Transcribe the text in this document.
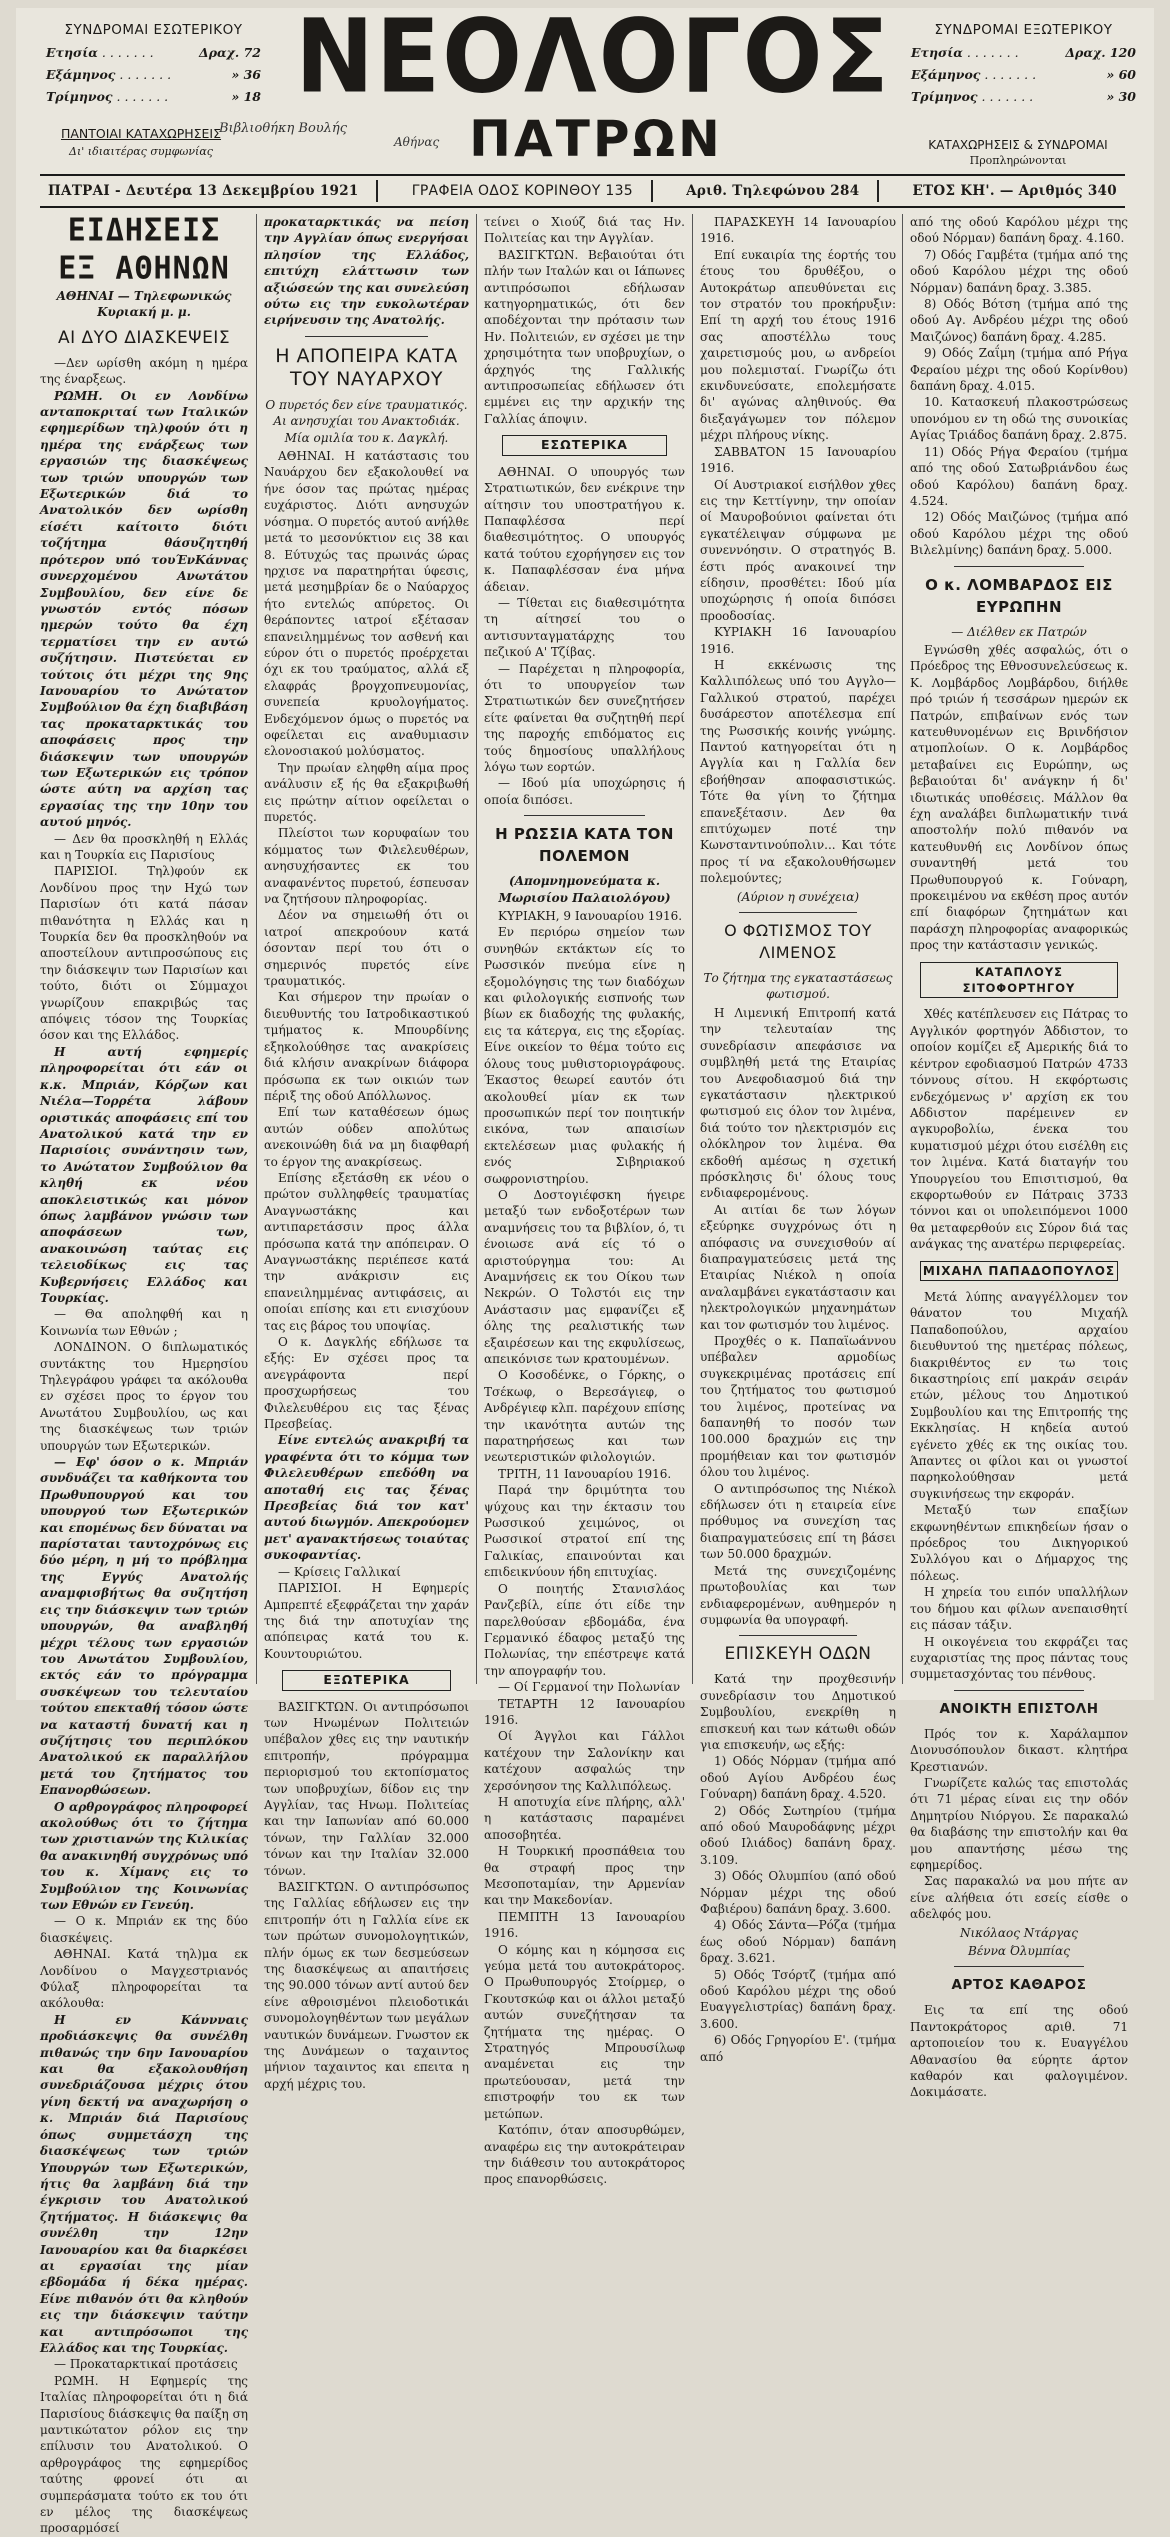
ΣΥΝΔΡΟΜΑΙ ΕΣΩΤΕΡΙΚΟΥ
Ετησία . . .	Δραχ. 72
Εξάμηνος . . .	» 36
Τρίμηνος . . .	» 18
ΠΑΝΤΟΙΑΙ ΚΑΤΑΧΩΡΗΣΕΙΣ
Δι' ιδιαιτέρας συμφωνίας
ΝΕΟΛΟΓΟΣ
ΠΑΤΡΩΝ
Βιβλιοθήκη Βουλής
Αθήνας
ΣΥΝΔΡΟΜΑΙ ΕΞΩΤΕΡΙΚΟΥ
Ετησία . . .	Δραχ. 120
Εξάμηνος . . .	» 60
Τρίμηνος . . .	» 30
ΚΑΤΑΧΩΡΗΣΕΙΣ & ΣΥΝΔΡΟΜΑΙ
Προπληρώνονται
ΠΑΤΡΑΙ - Δευτέρα 13 Δεκεμβρίου 1921	ΓΡΑΦΕΙΑ ΟΔΟΣ ΚΟΡΙΝΘΟΥ 135	Αριθ. Τηλεφώνου 284	ΕΤΟΣ ΚΗ'. — Αριθμός 340
ΕΙΔΗΣΕΙΣ ΕΞ ΑΘΗΝΩΝ
ΑΘΗΝΑΙ — Τηλεφωνικώς Κυριακή μ. μ.
ΑΙ ΔΥΟ ΔΙΑΣΚΕΨΕΙΣ

—Δεν ωρίσθη ακόμη η ημέρα της έναρξεως.

ΡΩΜΗ. Οι εν Λονδίνω ανταποκριταί των Ιταλικών εφημερίδων τηλ)φούν ότι η ημέρα της ενάρξεως των εργασιών της διασκέψεως των τριών υπουργών των Εξωτερικών διά το Ανατολικόν δεν ωρίσθη είσέτι καίτοιτο διότι τοζήτημα θάσυζητηθή πρότερον υπό τουΈνΚάννας συνερχομένου Ανωτάτου Συμβουλίου, δεν είνε δε γνωστόν εντός πόσων ημερών τούτο θα έχη τερματίσει την εν αυτώ συζήτησιν. Πιστεύεται εν τούτοις ότι μέχρι της 9ης Ιανουαρίου το Ανώτατον Συμβούλιον θα έχη διαβιβάση τας προκαταρκτικάς του αποφάσεις προς την διάσκεψιν των υπουργών των Εξωτερικών εις τρόπον ώστε αύτη να αρχίση τας εργασίας της την 10ην του αυτού μηνός.

— Δεν θα προσκληθή η Ελλάς και η Τουρκία εις Παρισίους

ΠΑΡΙΣΙΟΙ. Τηλ)φούν εκ Λονδίνου προς την Ηχώ των Παρισίων ότι κατά πάσαν πιθανότητα η Ελλάς και η Τουρκία δεν θα προσκληθούν να αποστείλουν αντιπροσώπους εις την διάσκεψιν των Παρισίων και τούτο, διότι οι Σύμμαχοι γνωρίζουν επακριβώς τας απόψεις τόσον της Τουρκίας όσον και της Ελλάδος.

Η αυτή εφημερίς πληροφορείται ότι εάν οι κ.κ. Μπριάν, Κόρζων και Νιέλα—Τορρέτα λάβουν οριστικάς αποφάσεις επί του Ανατολικού κατά την εν Παρισίοις συνάντησιν των, το Ανώτατον Συμβούλιον θα κληθή εκ νέου αποκλειστικώς και μόνον όπως λαμβάνον γνώσιν των αποφάσεων των, ανακοινώση ταύτας εις τελειοδίκως εις τας Κυβερνήσεις Ελλάδος και Τουρκίας.

— Θα αποληφθή και η Κοινωνία των Εθνών ;

ΛΟΝΔΙΝΟΝ. Ο διπλωματικός συντάκτης του Ημερησίου Τηλεγράφου γράφει τα ακόλουθα εν σχέσει προς το έργον του Ανωτάτου Συμβουλίου, ως και της διασκέψεως των τριών υπουργών των Εξωτερικών.

— Εφ' όσον ο κ. Μπριάν συνδυάζει τα καθήκοντα του Πρωθυπουργού και του υπουργού των Εξωτερικών και επομένως δεν δύναται να παρίσταται ταυτοχρόνως εις δύο μέρη, η μή το πρόβλημα της Εγγύς Ανατολής αναμφισβήτως θα συζητήση εις την διάσκεψιν των τριών υπουργών, θα αναβληθή μέχρι τέλους των εργασιών του Ανωτάτου Συμβουλίου, εκτός εάν το πρόγραμμα συσκέψεων του τελευταίου τούτου επεκταθή τόσον ώστε να καταστή δυνατή και η συζήτησις του περιπλόκου Ανατολικού εκ παραλλήλου μετά του ζητήματος του Επανορθώσεων.

Ο αρθρογράφος πληροφορεί ακολούθως ότι το ζήτημα των χριστιανών της Κιλικίας θα ανακινηθή συγχρόνως υπό του κ. Χίμανς εις το Συμβούλιον της Κοινωνίας των Εθνών εν Γενεύη.

— Ο κ. Μπριάν εκ της δύο διασκέψεις.

ΑΘΗΝΑΙ. Κατά τηλ)μα εκ Λονδίνου ο Μαγχεστριανός Φύλαξ πληροφορείται τα ακόλουθα:

Η εν Κάννναις προδιάσκεψις θα συνέλθη πιθανώς την 6ην Ιανουαρίου και θα εξακολουθήση συνεδριάζουσα μέχρις ότου γίνη δεκτή να αναχωρήση ο κ. Μπριάν διά Παρισίους όπως συμμετάσχη της διασκέψεως των τριών Υπουργών των Εξωτερικών, ήτις θα λαμβάνη διά την έγκρισιν του Ανατολικού ζητήματος. Η διάσκεψις θα συνέλθη την 12ην Ιανουαρίου και θα διαρκέσει αι εργασίαι της μίαν εβδομάδα ή δέκα ημέρας. Είνε πιθανόν ότι θα κληθούν εις την διάσκεψιν ταύτην και αντιπρόσωποι της Ελλάδος και της Τουρκίας.

— Προκαταρκτικαί προτάσεις

ΡΩΜΗ. Η Εφημερίς της Ιταλίας πληροφορείται ότι η διά Παρισίους διάσκεψις θα παίξη ση μαντικώτατον ρόλον εις την επίλυσιν του Ανατολικού. Ο αρθρογράφος της εφημερίδος ταύτης φρονεί ότι αι συμπεράσματα τούτο εκ του ότι εν μέλος της διασκέψεως προσαρμόσεί

προκαταρκτικάς να πείση την Αγγλίαν όπως ενεργήσαι πλησίον της Ελλάδος, επιτύχη ελάττωσιν των αξιώσεών της και συνελεύση ούτω εις την ευκολωτέραν ειρήνευσιν της Ανατολής.

Η ΑΠΟΠΕΙΡΑ ΚΑΤΑ ΤΟΥ ΝΑΥΑΡΧΟΥ
Ο πυρετός δεν είνε τραυματικός. Αι ανησυχίαι του Ανακτοδιάκ. Μία ομιλία του κ. Δαγκλή.

ΑΘΗΝΑΙ. Η κατάστασις του Ναυάρχου δεν εξακολουθεί να ήνε όσον τας πρώτας ημέρας ευχάριστος. Διότι ανησυχών νόσημα. Ο πυρετός αυτού ανήλθε μετά το μεσονύκτιον εις 38 και 8. Εύτυχώς τας πρωινάς ώρας ηρχισε να παρατηρήται ύφεσις, μετά μεσημβρίαν δε ο Ναύαρχος ήτο εντελώς απύρετος. Οι θεράποντες ιατροί εξέτασαν επανειλημμένως τον ασθενή και εύρον ότι ο πυρετός προέρχεται όχι εκ του τραύματος, αλλά εξ ελαφράς βρογχοπνευμονίας, συνεπεία κρυολογήματος. Ενδεχόμενον όμως ο πυρετός να οφείλεται εις αναθυμιασιν ελονοσιακού μολύσματος.

Την πρωίαν εληφθη αίμα προς ανάλυσιν εξ ής θα εξακριβωθή εις πρώτην αίτιον οφείλεται ο πυρετός.

Πλείστοι των κορυφαίων του κόμματος των Φιλελευθέρων, ανησυχήσαντες εκ του αναφανέντος πυρετού, έσπευσαν να ζητήσουν πληροφορίας.

Δέον να σημειωθή ότι οι ιατροί απεκρούουν κατά όσονταν περί του ότι ο σημερινός πυρετός είνε τραυματικός.

Και σήμερον την πρωίαν ο διευθυντής του Ιατροδικαστικού τμήματος κ. Μπουρδίνης εξηκολούθησε τας ανακρίσεις διά κλήσιν ανακρίνων διάφορα πρόσωπα εκ των οικιών των πέριξ της οδού Απόλλωνος.

Επί των καταθέσεων όμως αυτών ούδεν απολύτως ανεκοινώθη διά να μη διαφθαρή το έργον της ανακρίσεως.

Επίσης εξετάσθη εκ νέου ο πρώτον συλληφθείς τραυματίας Αναγνωστάκης και αντιπαρετάσσιν προς άλλα πρόσωπα κατά την απόπειραν. Ο Αναγνωστάκης περιέπεσε κατά την ανάκρισιν εις επανειλημμένας αντιφάσεις, αι οποίαι επίσης και ετι ενισχύουν τας εις βάρος του υποψίας.

Ο κ. Δαγκλής εδήλωσε τα εξής: Εν σχέσει προς τα ανεγράφοντα περί προσχωρήσεως του Φιλελευθέρου εις τας ξένας Πρεσβείας.

Είνε εντελώς ανακριβή τα γραφέντα ότι το κόμμα των Φιλελευθέρων επεδόθη να αποταθή εις τας ξένας Πρεσβείας διά τον κατ' αυτού διωγμόν. Απεκρούομεν μετ' αγανακτήσεως τοιαύτας συκοφαντίας.

— Κρίσεις Γαλλικαί

ΠΑΡΙΣΙΟΙ. Η Εφημερίς Αμπρεπτέ εξεφράζεται την χαράν της διά την αποτυχίαν της απόπειρας κατά του κ. Κουντουριώτου.

ΕΞΩΤΕΡΙΚΑ

ΒΑΣΙΓΚΤΩΝ. Οι αντιπρόσωποι των Ηνωμένων Πολιτειών υπέβαλον χθες εις την ναυτικήν επιτροπήν, πρόγραμμα περιορισμού του εκτοπίσματος των υποβρυχίων, δίδον εις την Αγγλίαν, τας Ηνωμ. Πολιτείας και την Ιαπωνίαν από 60.000 τόνων, την Γαλλίαν 32.000 τόνων και την Ιταλίαν 32.000 τόνων.

ΒΑΣΙΓΚΤΩΝ. Ο αντιπρόσωπος της Γαλλίας εδήλωσεν εις την επιτροπήν ότι η Γαλλία είνε εκ των πρώτων συνομολογητικών, πλήν όμως εκ των δεσμεύσεων της διασκέψεως αι απαιτήσεις της 90.000 τόνων αντί αυτού δεν είνε αθροισμένοι πλειοδοτικάι συνομολογηθέντων των μεγάλων ναυτικών δυνάμεων. Γνωστον εκ της Δυνάμεων ο ταχαιντος μήνιον ταχαιντος και επειτα η αρχή μέχρις του.

τείνει ο Χιούζ διά τας Ην. Πολιτείας και την Αγγλίαν.

ΒΑΣΙΓΚΤΩΝ. Βεβαιούται ότι πλήν των Ιταλών και οι Ιάπωνες αντιπρόσωποι εδήλωσαν κατηγορηματικώς, ότι δεν αποδέχονται την πρότασιν των Ην. Πολιτειών, εν σχέσει με την χρησιμότητα των υποβρυχίων, ο άρχηγός της Γαλλικής αντιπροσωπείας εδήλωσεν ότι εμμένει εις την αρχικήν της Γαλλίας άποψιν.

ΕΣΩΤΕΡΙΚΑ

ΑΘΗΝΑΙ. Ο υπουργός των Στρατιωτικών, δεν ενέκρινε την αίτησιν του υποστρατήγου κ. Παπαφλέσσα περί διαθεσιμότητος. Ο υπουργός κατά τούτου εχορήγησεν εις τον κ. Παπαφλέσσαν ένα μήνα άδειαν.

— Τίθεται εις διαθεσιμότητα τη αίτησεί του ο αντισυνταγματάρχης του πεζικού Α' Τζίβας.

— Παρέχεται η πληροφορία, ότι το υπουργείον των Στρατιωτικών δεν συνεζητήσεν είτε φαίνεται θα συζητηθή περί της παροχής επιδόματος εις τούς δημοσίους υπαλλήλους λόγω των εορτών.

— Ιδού μία υποχώρησις ή οποία διπόσει.

Η ΡΩΣΣΙΑ ΚΑΤΑ ΤΟΝ ΠΟΛΕΜΟΝ
(Απομνημονεύματα κ. Μωρισίου Παλαιολόγου)

ΚΥΡΙΑΚΗ, 9 Ιανουαρίου 1916.

Εν περιόρω σημείον των συνηθών εκτάκτων είς το Ρωσσικόν πνεύμα είνε η εξομολόγησις της των διαδόχων και φιλολογικής εισπνοής των βίων εκ διαδοχής της φυλακής, εις τα κάτεργα, εις της εξορίας. Είνε οικείον το θέμα τούτο εις όλους τους μυθιστοριογράφους. Έκαστος θεωρεί εαυτόν ότι ακολουθεί μίαν εκ των προσωπικών περί τον ποιητικήν εικόνα, των απαισίων εκτελέσεων μιας φυλακής ή ενός Σιβηριακού σωφρονιστηρίου.

Ο Δοστογιέφσκη ήγειρε μεταξύ των ενδοξοτέρων των αναμνήσεις του τα βιβλίον, ό, τι ένοιωσε ανά είς τό ο αριστούργημα του: Αι Αναμνήσεις εκ του Οίκου των Νεκρών. Ο Τολστόι εις την Ανάστασιν μας εμφανίζει εξ όλης της ρεαλιστικής των εξαιρέσεων και της εκφυλίσεως, απεικόνισε των κρατουμένων.

Ο Κοσοδένκε, ο Γόρκης, ο Τσέκωφ, ο Βερεσάγιεφ, ο Ανδρέγιεφ κλπ. παρέχουν επίσης την ικανότητα αυτών της παρατηρήσεως και των νεωτεριστικών φιλολογιών.

ΤΡΙΤΗ, 11 Ιανουαρίου 1916.

Παρά την δριμύτητα του ψύχους και την έκτασιν του Ρωσσικού χειμώνος, οι Ρωσσικοί στρατοί επί της Γαλικίας, επαινούνται και επιδεικνύουν ήδη επιτυχίας.

Ο ποιητής Στανισλάος Ρανζεβίλ, είπε ότι είδε την παρελθούσαν εβδομάδα, ένα Γερμανικό έδαφος μεταξύ της Πολωνίας, την επέστρεψε κατά την απογραφήν του.

— Οί Γερμανοί την Πολωνίαν

ΤΕΤΑΡΤΗ 12 Ιανουαρίου 1916.

Οί Άγγλοι και Γάλλοι κατέχουν την Σαλονίκην και κατέχουν ασφαλώς την χερσόνησον της Καλλιπόλεως.

Η αποτυχία είνε πλήρης, αλλ' η κατάστασις παραμένει αποσοβητέα.

Η Τουρκική προσπάθεια του θα στραφή προς την Μεσοποταμίαν, την Αρμενίαν και την Μακεδονίαν.

ΠΕΜΠΤΗ 13 Ιανουαρίου 1916.

Ο κόμης και η κόμησσα εις γεύμα μετά του αυτοκράτορος. Ο Πρωθυπουργός Στοίρμερ, ο Γκουτσκώφ και οι άλλοι μεταξύ αυτών συνεζήτησαν τα ζητήματα της ημέρας. Ο Στρατηγός Μπρουσίλωφ αναμένεται εις την πρωτεύουσαν, μετά την επιστροφήν του εκ των μετώπων.

Κατόπιν, όταν αποσυρθώμεν, αναφέρω εις την αυτοκράτειραν την διάθεσιν του αυτοκράτορος προς επανορθώσεις.

ΠΑΡΑΣΚΕΥΗ 14 Ιανουαρίου 1916.

Επί ευκαιρία της έορτής του έτους του δρυθέξου, ο Αυτοκράτωρ απευθύνεται εις τον στρατόν του προκήρυξιν: Επί τη αρχή του έτους 1916 σας αποστέλλω τους χαιρετισμούς μου, ω ανδρείοι μου πολεμισταί. Γνωρίζω ότι εκινδυνεύσατε, επολεμήσατε δι' αγώνας αληθινούς. Θα διεξαγάγωμεν τον πόλεμον μέχρι πλήρους νίκης.

ΣΑΒΒΑΤΟΝ 15 Ιανουαρίου 1916.

Οί Αυστριακοί εισήλθον χθες εις την Κεττίγνην, την οποίαν οί Μαυροβούνιοι φαίνεται ότι εγκατέλειψαν σύμφωνα με συνεννόησιν. Ο στρατηγός Β. έστι πρός ανακοινεί την είδησιν, προσθέτει: Ιδού μία υποχώρησις ή οποία διπόσει προοδοσίας.

ΚΥΡΙΑΚΗ 16 Ιανουαρίου 1916.

Η εκκένωσις της Καλλιπόλεως υπό του Αγγλο—Γαλλικού στρατού, παρέχει δυσάρεστον αποτέλεσμα επί της Ρωσσικής κοινής γνώμης. Παντού κατηγορείται ότι η Αγγλία και η Γαλλία δεν εβοήθησαν αποφασιστικώς. Τότε θα γίνη το ζήτημα επανεξέτασιν. Δεν θα επιτύχωμεν ποτέ την Κωνσταντινούπολιν... Και τότε προς τί να εξακολουθήσωμεν πολεμούντες;

(Αύριον η συνέχεια)
Ο ΦΩΤΙΣΜΟΣ ΤΟΥ ΛΙΜΕΝΟΣ
Το ζήτημα της εγκαταστάσεως φωτισμού.

Η Λιμενική Επιτροπή κατά την τελευταίαν της συνεδρίασιν απεφάσισε να συμβληθή μετά της Εταιρίας του Ανεφοδιασμού διά την εγκατάστασιν ηλεκτρικού φωτισμού εις όλον τον λιμένα, διά τούτο τον ηλεκτρισμόν εις ολόκληρον τον λιμένα. Θα εκδοθή αμέσως η σχετική πρόσκλησις δι' όλους τους ενδιαφερομένους.

Αι αιτίαι δε των λόγων εξεύρηκε συγχρόνως ότι η απόφασις να συνεχισθούν αί διαπραγματεύσεις μετά της Εταιρίας Νιέκολ η οποία αναλαμβάνει εγκατάστασιν και ηλεκτρολογικών μηχανημάτων και τον φωτισμόν του λιμένος.

Προχθές ο κ. Παπαϊωάννου υπέβαλεν αρμοδίως συγκεκριμένας προτάσεις επί του ζητήματος του φωτισμού του λιμένος, προτείνας να δαπανηθή το ποσόν των 100.000 δραχμών εις την προμήθειαν και τον φωτισμόν όλου του λιμένος.

Ο αντιπρόσωπος της Νιέκολ εδήλωσεν ότι η εταιρεία είνε πρόθυμος να συνεχίση τας διαπραγματεύσεις επί τη βάσει των 50.000 δραχμών.

Μετά της συνεχιζομένης πρωτοβουλίας και των ενδιαφερομένων, αυθημερόν η συμφωνία θα υπογραφή.

ΕΠΙΣΚΕΥΗ ΟΔΩΝ

Κατά την προχθεσινήν συνεδρίασιν του Δημοτικού Συμβουλίου, ενεκρίθη η επισκευή και των κάτωθι οδών για επισκευήν, ως εξής:

1) Οδός Νόρμαν (τμήμα από οδού Αγίου Ανδρέου έως Γούναρη) δαπάνη δραχ. 4.520.

2) Οδός Σωτηρίου (τμήμα από οδού Μαυροδάφνης μέχρι οδού Ιλιάδος) δαπάνη δραχ. 3.109.

3) Οδός Ολυμπίου (από οδού Νόρμαν μέχρι της οδού Φαβιέρου) δαπάνη δραχ. 3.600.

4) Οδός Σάντα—Ρόζα (τμήμα έως οδού Νόρμαν) δαπάνη δραχ. 3.621.

5) Οδός Τσόρτζ (τμήμα από οδού Καρόλου μέχρι της οδού Ευαγγελιστρίας) δαπάνη δραχ. 3.600.

6) Οδός Γρηγορίου Ε'. (τμήμα από

από της οδού Καρόλου μέχρι της οδού Νόρμαν) δαπάνη δραχ. 4.160.

7) Οδός Γαμβέτα (τμήμα από της οδού Καρόλου μέχρι της οδού Νόρμαν) δαπάνη δραχ. 3.385.

8) Οδός Βότση (τμήμα από της οδού Αγ. Ανδρέου μέχρι της οδού Μαιζώνος) δαπάνη δραχ. 4.285.

9) Οδός Ζαΐμη (τμήμα από Ρήγα Φεραίου μέχρι της οδού Κορίνθου) δαπάνη δραχ. 4.015.

10. Κατασκευή πλακοστρώσεως υπονόμου εν τη οδώ της συνοικίας Αγίας Τριάδος δαπάνη δραχ. 2.875.

11) Οδός Ρήγα Φεραίου (τμήμα από της οδού Σατωβριάνδου έως οδού Καρόλου) δαπάνη δραχ. 4.524.

12) Οδός Μαιζώνος (τμήμα από οδού Καρόλου μέχρι της οδού Βιλελμίνης) δαπάνη δραχ. 5.000.

Ο κ. ΛΟΜΒΑΡΔΟΣ ΕΙΣ ΕΥΡΩΠΗΝ
— Διέλθεν εκ Πατρών

Εγνώσθη χθές ασφαλώς, ότι ο Πρόεδρος της Εθνοσυνελεύσεως κ. Κ. Λομβάρδος Λομβάρδου, διήλθε πρό τριών ή τεσσάρων ημερών εκ Πατρών, επιβαίνων ενός των κατευθυνομένων εις Βρινδήσιον ατμοπλοίων. Ο κ. Λομβάρδος μεταβαίνει εις Ευρώπην, ως βεβαιούται δι' ανάγκην ή δι' ιδιωτικάς υποθέσεις. Μάλλον θα έχη αναλάβει διπλωματικήν τινά αποστολήν πολύ πιθανόν να κατευθυνθή εις Λονδίνον όπως συναντηθή μετά του Πρωθυπουργού κ. Γούναρη, προκειμένου να εκθέση προς αυτόν επί διαφόρων ζητημάτων και παράσχη πληροφορίας αναφορικώς προς την κατάστασιν γενικώς.

ΚΑΤΑΠΛΟΥΣ ΣΙΤΟΦΟΡΤΗΓΟΥ

Χθές κατέπλευσεν εις Πάτρας το Αγγλικόν φορτηγόν Άδδιστον, το οποίον κομίζει εξ Αμερικής διά το κέντρον εφοδιασμού Πατρών 4733 τόννους σίτου. Η εκφόρτωσις ενδεχόμενως ν' αρχίση εκ του Αδδιστον παρέμεινεν εν αγκυροβολίω, ένεκα του κυματισμού μέχρι ότου εισέλθη εις τον λιμένα. Κατά διαταγήν του Υπουργείου του Επισιτισμού, θα εκφορτωθούν εν Πάτραις 3733 τόννοι και οι υπολειπόμενοι 1000 θα μεταφερθούν εις Σύρον διά τας ανάγκας της ανατέρω περιφερείας.

ΜΙΧΑΗΛ ΠΑΠΑΔΟΠΟΥΛΟΣ

Μετά λύπης αναγγέλλομεν τον θάνατον του Μιχαήλ Παπαδοπούλου, αρχαίου διευθυντού της ημετέρας πόλεως, διακριθέντος εν τω τοις δικαστηρίοις επί μακράν σειράν ετών, μέλους του Δημοτικού Συμβουλίου και της Επιτροπής της Εκκλησίας. Η κηδεία αυτού εγένετο χθές εκ της οικίας του. Άπαντες οι φίλοι και οι γνωστοί παρηκολούθησαν μετά συγκινήσεως την εκφοράν.

Μεταξύ των επαξίων εκφωνηθέντων επικηδείων ήσαν ο πρόεδρος του Δικηγορικού Συλλόγου και ο Δήμαρχος της πόλεως.

Η χηρεία του ειπόν υπαλλήλων του δήμου και φίλων ανεπαισθητί εις πάσαν τάξιν.

Η οικογένεια του εκφράζει τας ευχαριστίας της προς πάντας τους συμμετασχόντας του πένθους.

ΑΝΟΙΚΤΗ ΕΠΙΣΤΟΛΗ

Πρός τον κ. Χαράλαμπον Διονυσόπουλον δικαστ. κλητήρα Κρεστιανών.

Γνωρίζετε καλώς τας επιστολάς ότι 71 μέρας είναι εις την οδόν Δημητρίου Νιόργου. Σε παρακαλώ θα διαβάσης την επιστολήν και θα μου απαντήσης μέσω της εφημερίδος.

Σας παρακαλώ να μου πήτε αν είνε αλήθεια ότι εσείς είσθε ο αδελφός μου.

Νικόλαος Ντάργας
Βέννα Όλυμπίας
ΑΡΤΟΣ ΚΑΘΑΡΟΣ

Εις τα επί της οδού Παντοκράτορος αριθ. 71 αρτοποιείον του κ. Ευαγγέλου Αθανασίου θα εύρητε άρτον καθαρόν και φαλογιμένον. Δοκιμάσατε.
